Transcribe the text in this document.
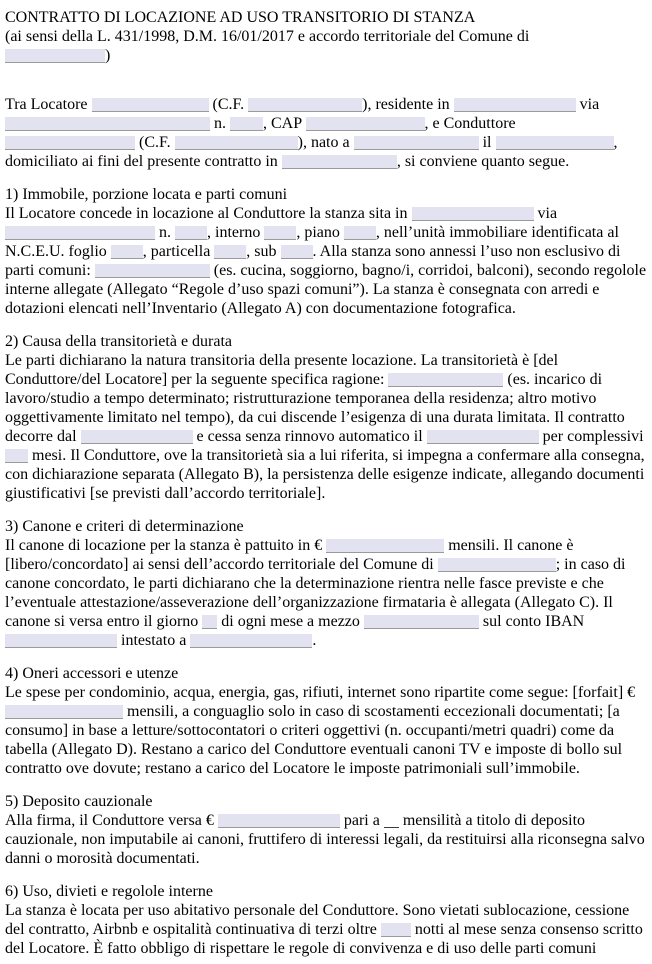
CONTRATTO DI LOCAZIONE AD USO TRANSITORIO DI STANZA

(ai sensi della L. 431/1998, D.M. 16/01/2017 e accordo territoriale del Comune di
)

Tra Locatore	(C.F.	), residente in	via  n. , CAP	, e Conduttore
(C.F.	), nato a	il	, domiciliato ai fini del presente contratto in	, si conviene quanto segue.

1) Immobile, porzione locata e parti comuni

Il Locatore concede in locazione al Conduttore la stanza sita in	via  n. , interno , piano , nell’unità immobiliare identificata al N.C.E.U. foglio , particella , sub . Alla stanza sono annessi l’uso non esclusivo di parti comuni:	(es. cucina, soggiorno, bagno/i, corridoi, balconi), secondo regolole interne allegate (Allegato “Regole d’uso spazi comuni”). La stanza è consegnata con arredi e dotazioni elencati nell’Inventario (Allegato A) con documentazione fotografica.

2) Causa della transitorietà e durata

Le parti dichiarano la natura transitoria della presente locazione. La transitorietà è [del Conduttore/del Locatore] per la seguente specifica ragione:	(es. incarico di lavoro/studio a tempo determinato; ristrutturazione temporanea della residenza; altro motivo oggettivamente limitato nel tempo), da cui discende l’esigenza di una durata limitata. Il contratto decorre dal	e cessa senza rinnovo automatico il	per complessivi  mesi. Il Conduttore, ove la transitorietà sia a lui riferita, si impegna a confermare alla consegna, con dichiarazione separata (Allegato B), la persistenza delle esigenze indicate, allegando documenti giustificativi [se previsti dall’accordo territoriale].

3) Canone e criteri di determinazione

Il canone di locazione per la stanza è pattuito in €	mensili. Il canone è [libero/concordato] ai sensi dell’accordo territoriale del Comune di	; in caso di canone concordato, le parti dichiarano che la determinazione rientra nelle fasce previste e che l’eventuale attestazione/asseverazione dell’organizzazione firmataria è allegata (Allegato C). Il canone si versa entro il giorno  di ogni mese a mezzo	sul conto IBAN  intestato a	.

4) Oneri accessori e utenze

Le spese per condominio, acqua, energia, gas, rifiuti, internet sono ripartite come segue: [forfait] €  mensili, a conguaglio solo in caso di scostamenti eccezionali documentati; [a consumo] in base a letture/sottocontatori o criteri oggettivi (n. occupanti/metri quadri) come da tabella (Allegato D). Restano a carico del Conduttore eventuali canoni TV e imposte di bollo sul contratto ove dovute; restano a carico del Locatore le imposte patrimoniali sull’immobile.

5) Deposito cauzionale

Alla firma, il Conduttore versa €	pari a  mensilità a titolo di deposito cauzionale, non imputabile ai canoni, fruttifero di interessi legali, da restituirsi alla riconsegna salvo danni o morosità documentati.

6) Uso, divieti e regolole interne

La stanza è locata per uso abitativo personale del Conduttore. Sono vietati sublocazione, cessione del contratto, Airbnb e ospitalità continuativa di terzi oltre  notti al mese senza consenso scritto del Locatore. È fatto obbligo di rispettare le regole di convivenza e di uso delle parti comuni
